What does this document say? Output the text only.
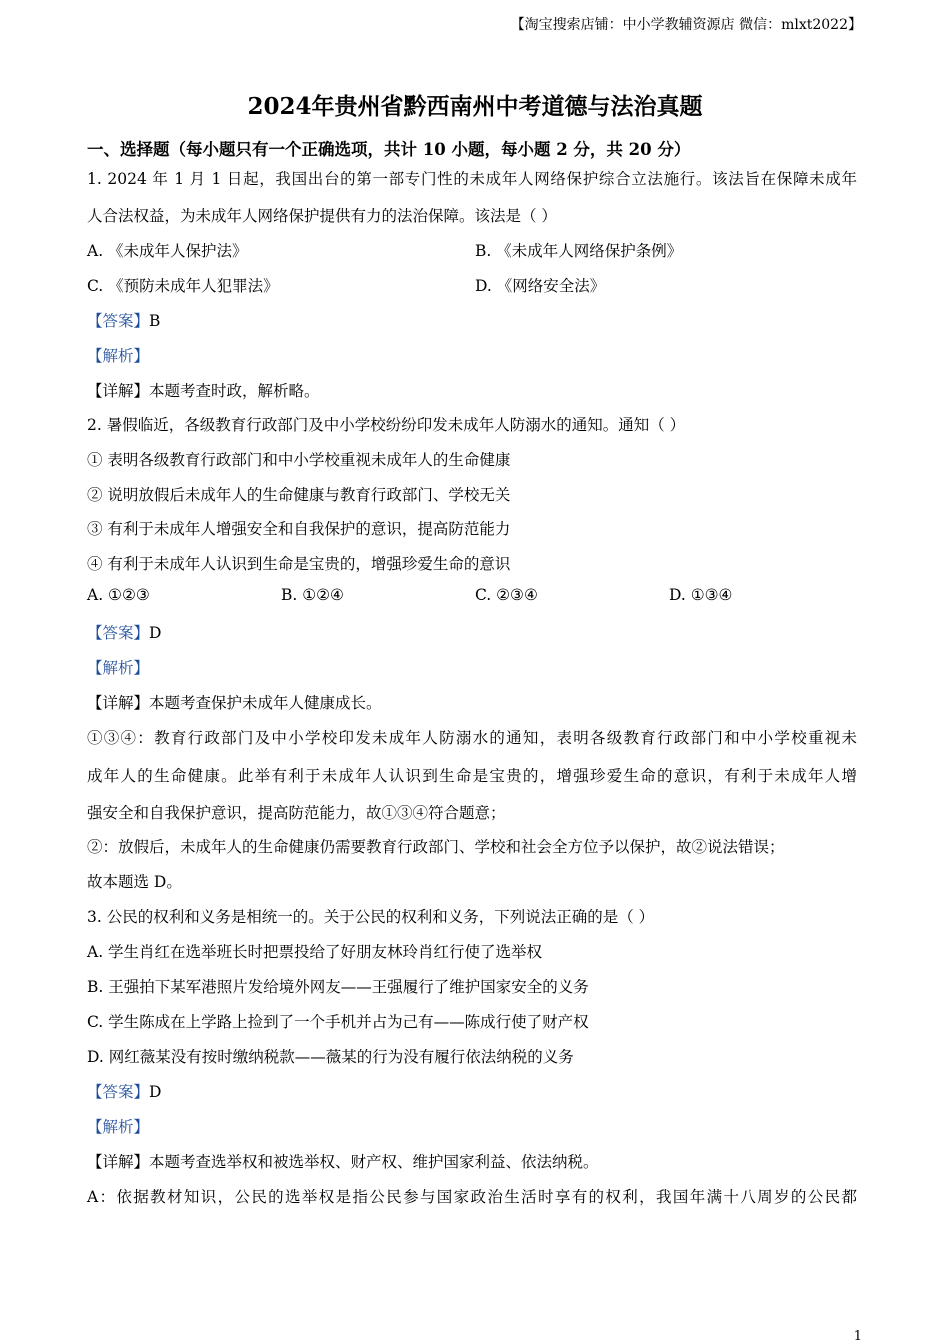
【淘宝搜索店铺：中小学教辅资源店 微信：mlxt2022】
2024年贵州省黔西南州中考道德与法治真题
一、选择题（每小题只有一个正确选项，共计 10 小题，每小题 2 分，共 20 分）
1. 2024 年 1 月 1 日起，我国出台的第一部专门性的未成年人网络保护综合立法施行。该法旨在保障未成年
人合法权益，为未成年人网络保护提供有力的法治保障。该法是（ ）
A. 《未成年人保护法》	B. 《未成年人网络保护条例》
C. 《预防未成年人犯罪法》	D. 《网络安全法》
【答案】B
【解析】
【详解】本题考查时政，解析略。
2. 暑假临近，各级教育行政部门及中小学校纷纷印发未成年人防溺水的通知。通知（ ）
① 表明各级教育行政部门和中小学校重视未成年人的生命健康
② 说明放假后未成年人的生命健康与教育行政部门、学校无关
③ 有利于未成年人增强安全和自我保护的意识，提高防范能力
④ 有利于未成年人认识到生命是宝贵的，增强珍爱生命的意识
A. ①②③	B. ①②④	C. ②③④	D. ①③④
【答案】D
【解析】
【详解】本题考查保护未成年人健康成长。
①③④：教育行政部门及中小学校印发未成年人防溺水的通知，表明各级教育行政部门和中小学校重视未
成年人的生命健康。此举有利于未成年人认识到生命是宝贵的，增强珍爱生命的意识，有利于未成年人增
强安全和自我保护意识，提高防范能力，故①③④符合题意；
②：放假后，未成年人的生命健康仍需要教育行政部门、学校和社会全方位予以保护，故②说法错误；
故本题选 D。
3. 公民的权利和义务是相统一的。关于公民的权利和义务，下列说法正确的是（ ）
A. 学生肖红在选举班长时把票投给了好朋友林玲肖红行使了选举权
B. 王强拍下某军港照片发给境外网友——王强履行了维护国家安全的义务
C. 学生陈成在上学路上捡到了一个手机并占为己有——陈成行使了财产权
D. 网红薇某没有按时缴纳税款——薇某的行为没有履行依法纳税的义务
【答案】D
【解析】
【详解】本题考查选举权和被选举权、财产权、维护国家利益、依法纳税。
A：依据教材知识，公民的选举权是指公民参与国家政治生活时享有的权利，我国年满十八周岁的公民都
1
